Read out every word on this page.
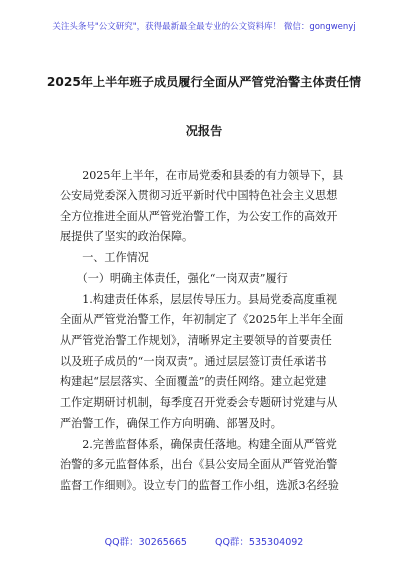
关注头条号"公文研究"，获得最新最全最专业的公文资料库！ 微信：gongwenyj
2025年上半年班子成员履行全面从严管党治警主体责任情
况报告
　　2025年上半年，在市局党委和县委的有力领导下，县
公安局党委深入贯彻习近平新时代中国特色社会主义思想
全方位推进全面从严管党治警工作，为公安工作的高效开
展提供了坚实的政治保障。
　　一、工作情况
　　（一）明确主体责任，强化“一岗双责”履行
　　1.构建责任体系，层层传导压力。县局党委高度重视
全面从严管党治警工作，年初制定了《2025年上半年全面
从严管党治警工作规划》，清晰界定主要领导的首要责任
以及班子成员的“一岗双责”。通过层层签订责任承诺书
构建起“层层落实、全面覆盖”的责任网络。建立起党建
工作定期研讨机制，每季度召开党委会专题研讨党建与从
严治警工作，确保工作方向明确、部署及时。
　　2.完善监督体系，确保责任落地。构建全面从严管党
治警的多元监督体系，出台《县公安局全面从严管党治警
监督工作细则》。设立专门的监督工作小组，选派3名经验
QQ群：30265665	QQ群：535304092
